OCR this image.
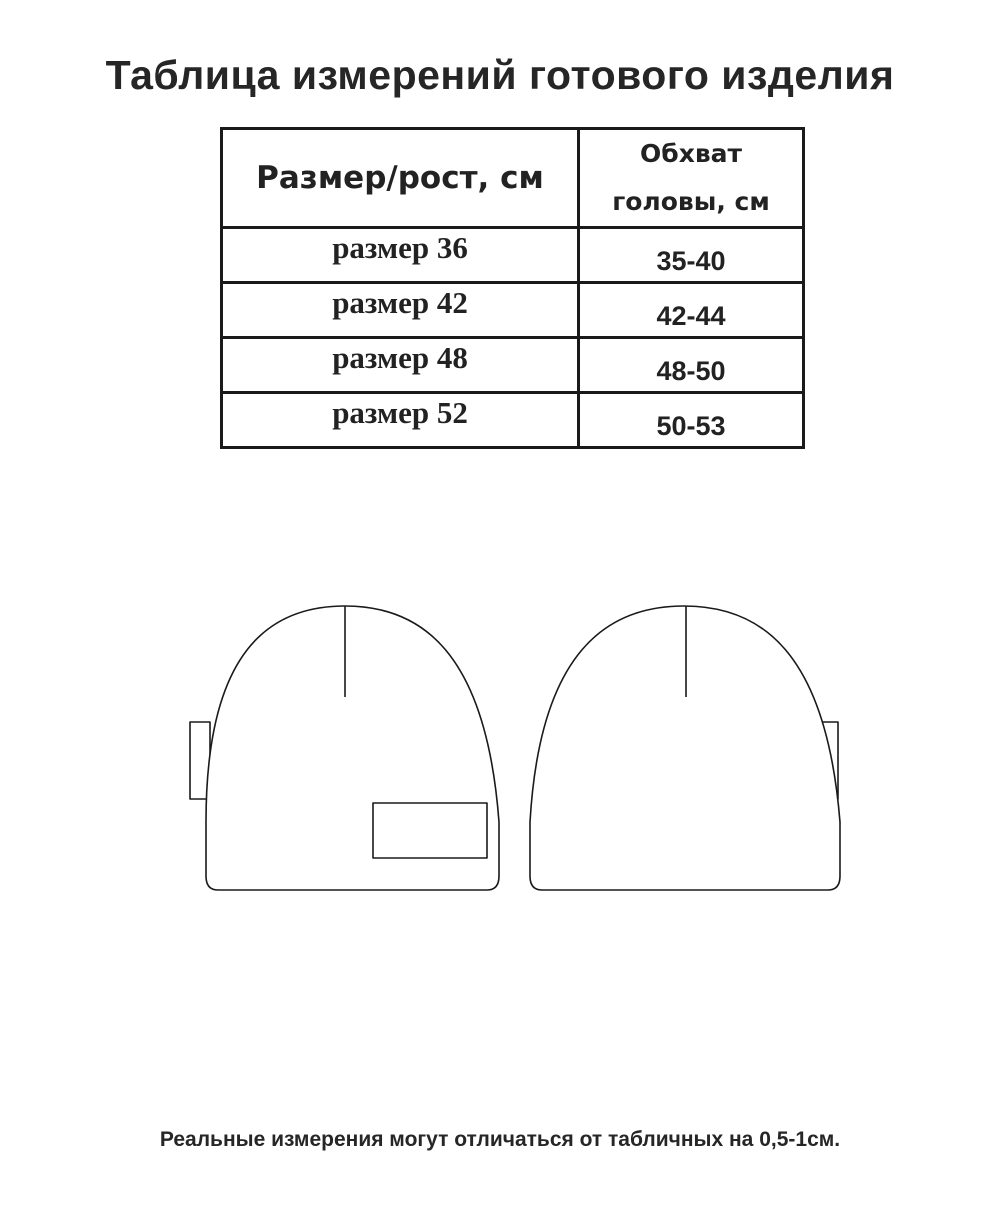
Таблица измерений готового изделия
Размер/рост, см	Обхват
головы, см

размер 36	35-40
размер 42	42-44
размер 48	48-50
размер 52	50-53

Реальные измерения могут отличаться от табличных на 0,5-1см.
